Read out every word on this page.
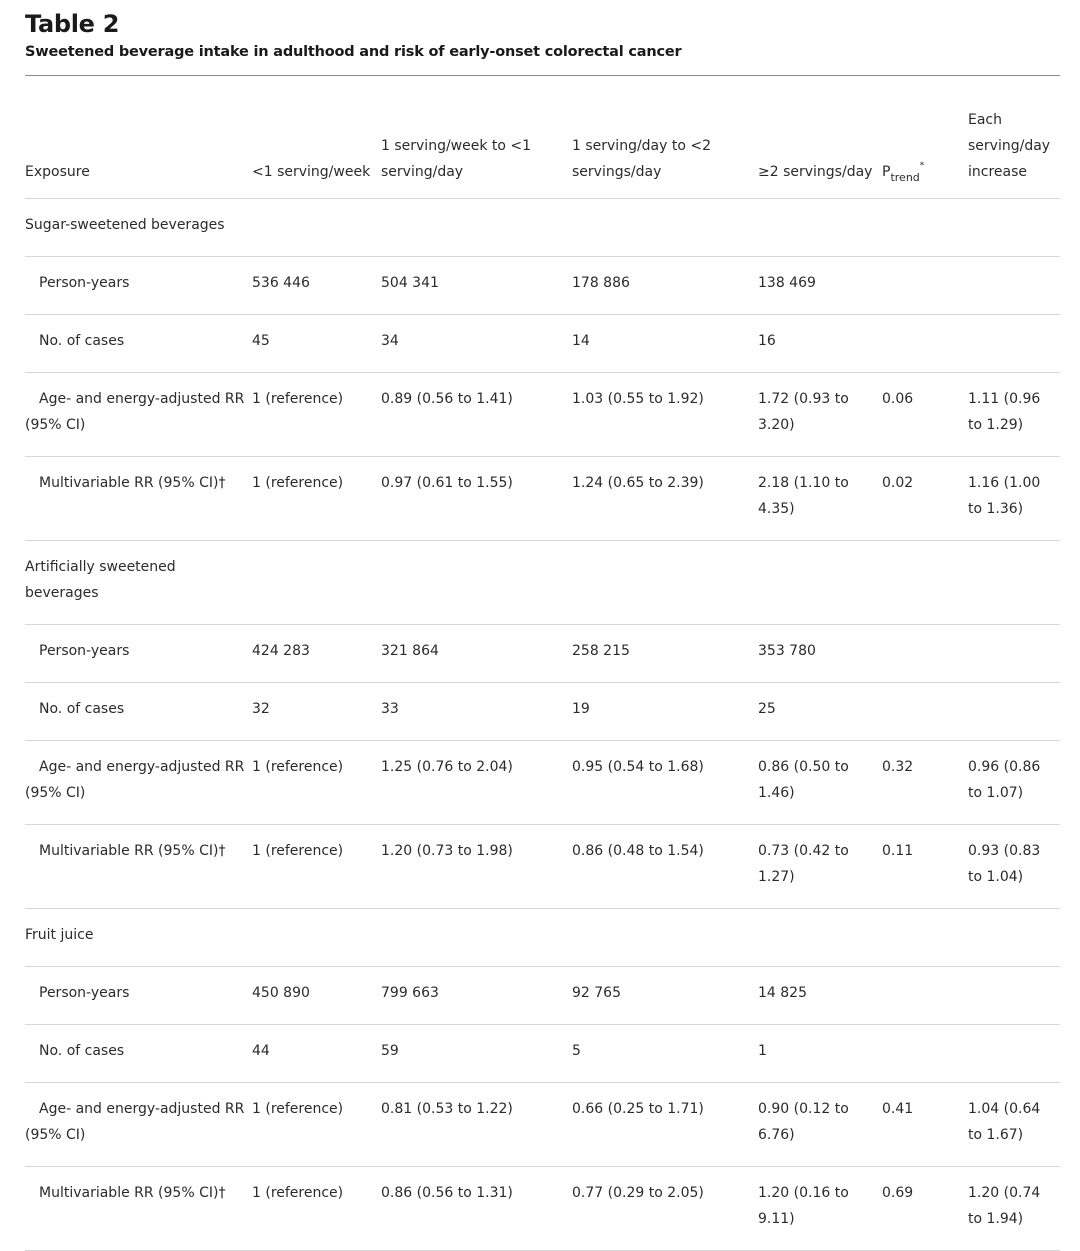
Table 2
Sweetened beverage intake in adulthood and risk of early-onset colorectal cancer
Exposure	<1 serving/week	1 serving/week to <1 serving/day	1 serving/day to <2 servings/day	≥2 servings/day	$P_{trend}^*$	Each serving/day increase
Sugar-sweetened beverages						
Person-years	536 446	504 341	178 886	138 469		
No. of cases	45	34	14	16		
Age- and energy-adjusted RR (95% CI)	1 (reference)	0.89 (0.56 to 1.41)	1.03 (0.55 to 1.92)	1.72 (0.93 to 3.20)	0.06	1.11 (0.96 to 1.29)
Multivariable RR (95% CI)†	1 (reference)	0.97 (0.61 to 1.55)	1.24 (0.65 to 2.39)	2.18 (1.10 to 4.35)	0.02	1.16 (1.00 to 1.36)
Artificially sweetened beverages						
Person-years	424 283	321 864	258 215	353 780		
No. of cases	32	33	19	25		
Age- and energy-adjusted RR (95% CI)	1 (reference)	1.25 (0.76 to 2.04)	0.95 (0.54 to 1.68)	0.86 (0.50 to 1.46)	0.32	0.96 (0.86 to 1.07)
Multivariable RR (95% CI)†	1 (reference)	1.20 (0.73 to 1.98)	0.86 (0.48 to 1.54)	0.73 (0.42 to 1.27)	0.11	0.93 (0.83 to 1.04)
Fruit juice						
Person-years	450 890	799 663	92 765	14 825		
No. of cases	44	59	5	1		
Age- and energy-adjusted RR (95% CI)	1 (reference)	0.81 (0.53 to 1.22)	0.66 (0.25 to 1.71)	0.90 (0.12 to 6.76)	0.41	1.04 (0.64 to 1.67)
Multivariable RR (95% CI)†	1 (reference)	0.86 (0.56 to 1.31)	0.77 (0.29 to 2.05)	1.20 (0.16 to 9.11)	0.69	1.20 (0.74 to 1.94)
